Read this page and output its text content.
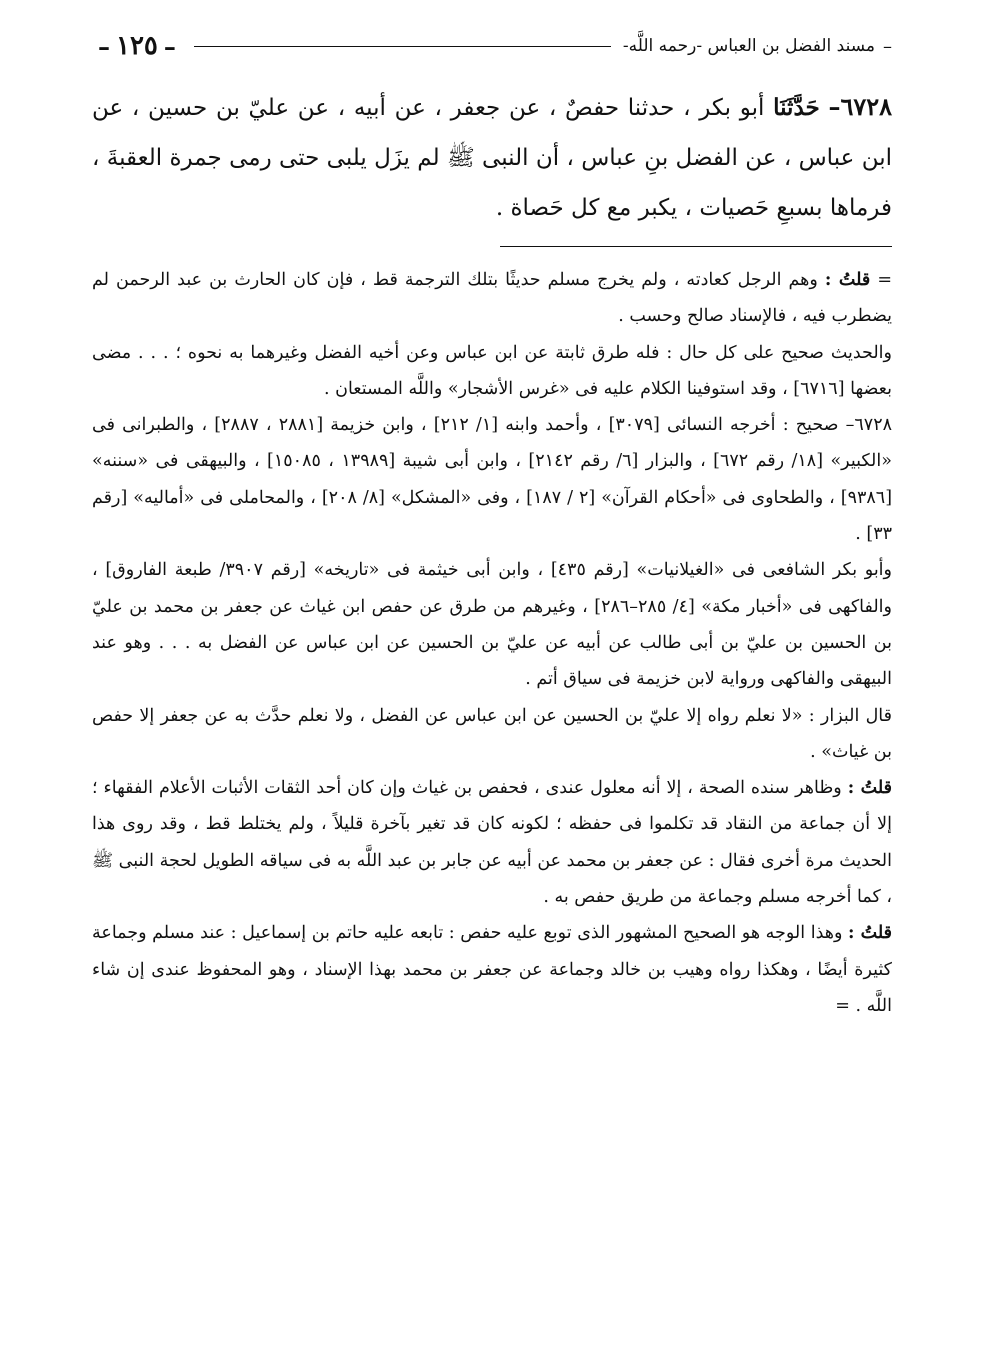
– ١٢٥ –	مسند الفضل بن العباس -رحمه اللَّه- –

٦٧٢٨– حَدَّثَنَا أبو بكر ، حدثنا حفصٌ ، عن جعفر ، عن أبيه ، عن عليّ بن حسين ، عن ابن عباس ، عن الفضل بنِ عباس ، أن النبى ﷺ لم يزَل يلبى حتى رمى جمرة العقبةَ ، فرماها بسبعِ حَصيات ، يكبر مع كل حَصاة .

= قلتُ : وهم الرجل كعادته ، ولم يخرج مسلم حديثًا بتلك الترجمة قط ، فإن كان الحارث بن عبد الرحمن لم يضطرب فيه ، فالإسناد صالح وحسب .

والحديث صحيح على كل حال : فله طرق ثابتة عن ابن عباس وعن أخيه الفضل وغيرهما به نحوه ؛ . . . مضى بعضها [٦٧١٦] ، وقد استوفينا الكلام عليه فى «غرس الأشجار» واللَّه المستعان .

٦٧٢٨– صحيح : أخرجه النسائى [٣٠٧٩] ، وأحمد وابنه [١/ ٢١٢] ، وابن خزيمة [٢٨٨١ ، ٢٨٨٧] ، والطبرانى فى «الكبير» [١٨/ رقم ٦٧٢] ، والبزار [٦/ رقم ٢١٤٢] ، وابن أبى شيبة [١٣٩٨٩ ، ١٥٠٨٥] ، والبيهقى فى «سننه» [٩٣٨٦] ، والطحاوى فى «أحكام القرآن» [٢ / ١٨٧] ، وفى «المشكل» [٨/ ٢٠٨] ، والمحاملى فى «أماليه» [رقم ٣٣] .

وأبو بكر الشافعى فى «الغيلانيات» [رقم ٤٣٥] ، وابن أبى خيثمة فى «تاريخه» [رقم ٣٩٠٧/ طبعة الفاروق] ، والفاكهى فى «أخبار مكة» [٤/ ٢٨٥–٢٨٦] ، وغيرهم من طرق عن حفص ابن غياث عن جعفر بن محمد بن عليّ بن الحسين بن عليّ بن أبى طالب عن أبيه عن عليّ بن الحسين عن ابن عباس عن الفضل به . . . وهو عند البيهقى والفاكهى ورواية لابن خزيمة فى سياق أتم .

قال البزار : «لا نعلم رواه إلا عليّ بن الحسين عن ابن عباس عن الفضل ، ولا نعلم حدَّث به عن جعفر إلا حفص بن غياث» .

قلتُ : وظاهر سنده الصحة ، إلا أنه معلول عندى ، فحفص بن غياث وإن كان أحد الثقات الأثبات الأعلام الفقهاء ؛ إلا أن جماعة من النقاد قد تكلموا فى حفظه ؛ لكونه كان قد تغير بآخرة قليلاً ، ولم يختلط قط ، وقد روى هذا الحديث مرة أخرى فقال : عن جعفر بن محمد عن أبيه عن جابر بن عبد اللَّه به فى سياقه الطويل لحجة النبى ﷺ ، كما أخرجه مسلم وجماعة من طريق حفص به .

قلتُ : وهذا الوجه هو الصحيح المشهور الذى توبع عليه حفص : تابعه عليه حاتم بن إسماعيل : عند مسلم وجماعة كثيرة أيضًا ، وهكذا رواه وهيب بن خالد وجماعة عن جعفر بن محمد بهذا الإسناد ، وهو المحفوظ عندى إن شاء اللَّه . =
